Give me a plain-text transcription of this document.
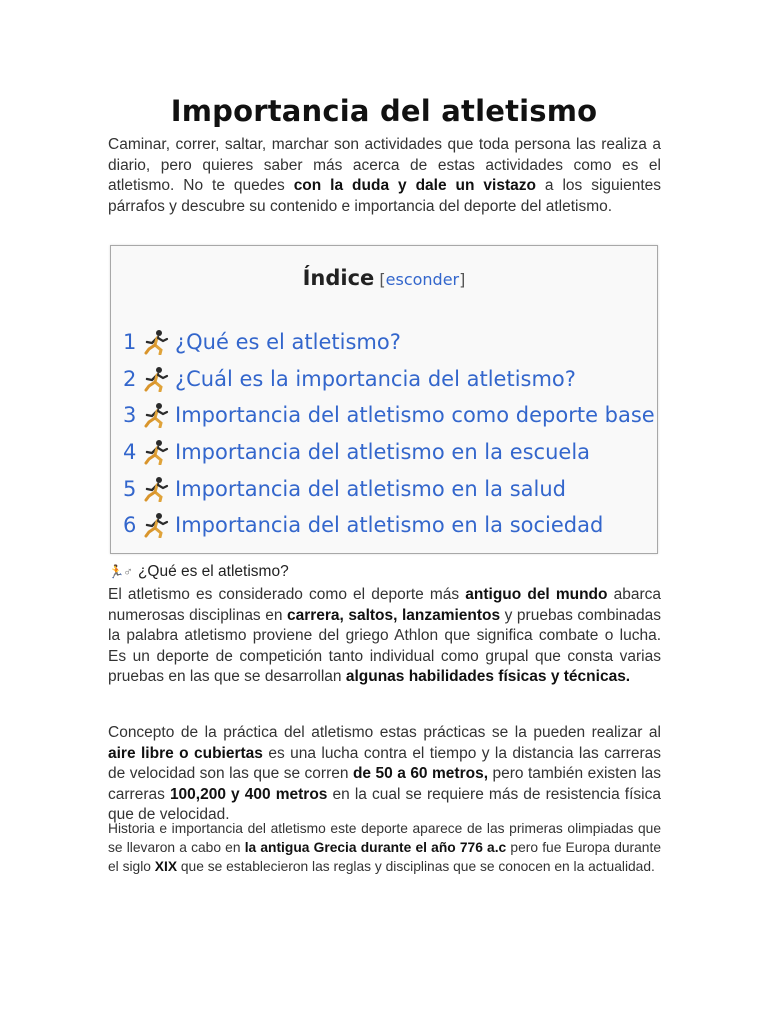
Importancia del atletismo
Caminar, correr, saltar, marchar son actividades que toda persona las realiza a diario, pero quieres saber más acerca de estas actividades como es el atletismo. No te quedes con la duda y dale un vistazo a los siguientes párrafos y descubre su contenido e importancia del deporte del atletismo.
Índice [esconder]
1	¿Qué es el atletismo?
2	¿Cuál es la importancia del atletismo?
3	Importancia del atletismo como deporte base
4	Importancia del atletismo en la escuela
5	Importancia del atletismo en la salud
6	Importancia del atletismo en la sociedad
🏃♂ ¿Qué es el atletismo?
El atletismo es considerado como el deporte más antiguo del mundo abarca numerosas disciplinas en carrera, saltos, lanzamientos y pruebas combinadas la palabra atletismo proviene del griego Athlon que significa combate o lucha. Es un deporte de competición tanto individual como grupal que consta varias pruebas en las que se desarrollan algunas habilidades físicas y técnicas.
Concepto de la práctica del atletismo estas prácticas se la pueden realizar al aire libre o cubiertas es una lucha contra el tiempo y la distancia las carreras de velocidad son las que se corren de 50 a 60 metros, pero también existen las carreras 100,200 y 400 metros en la cual se requiere más de resistencia física que de velocidad.
Historia e importancia del atletismo este deporte aparece de las primeras olimpiadas que se llevaron a cabo en la antigua Grecia durante el año 776 a.c pero fue Europa durante el siglo XIX que se establecieron las reglas y disciplinas que se conocen en la actualidad.
